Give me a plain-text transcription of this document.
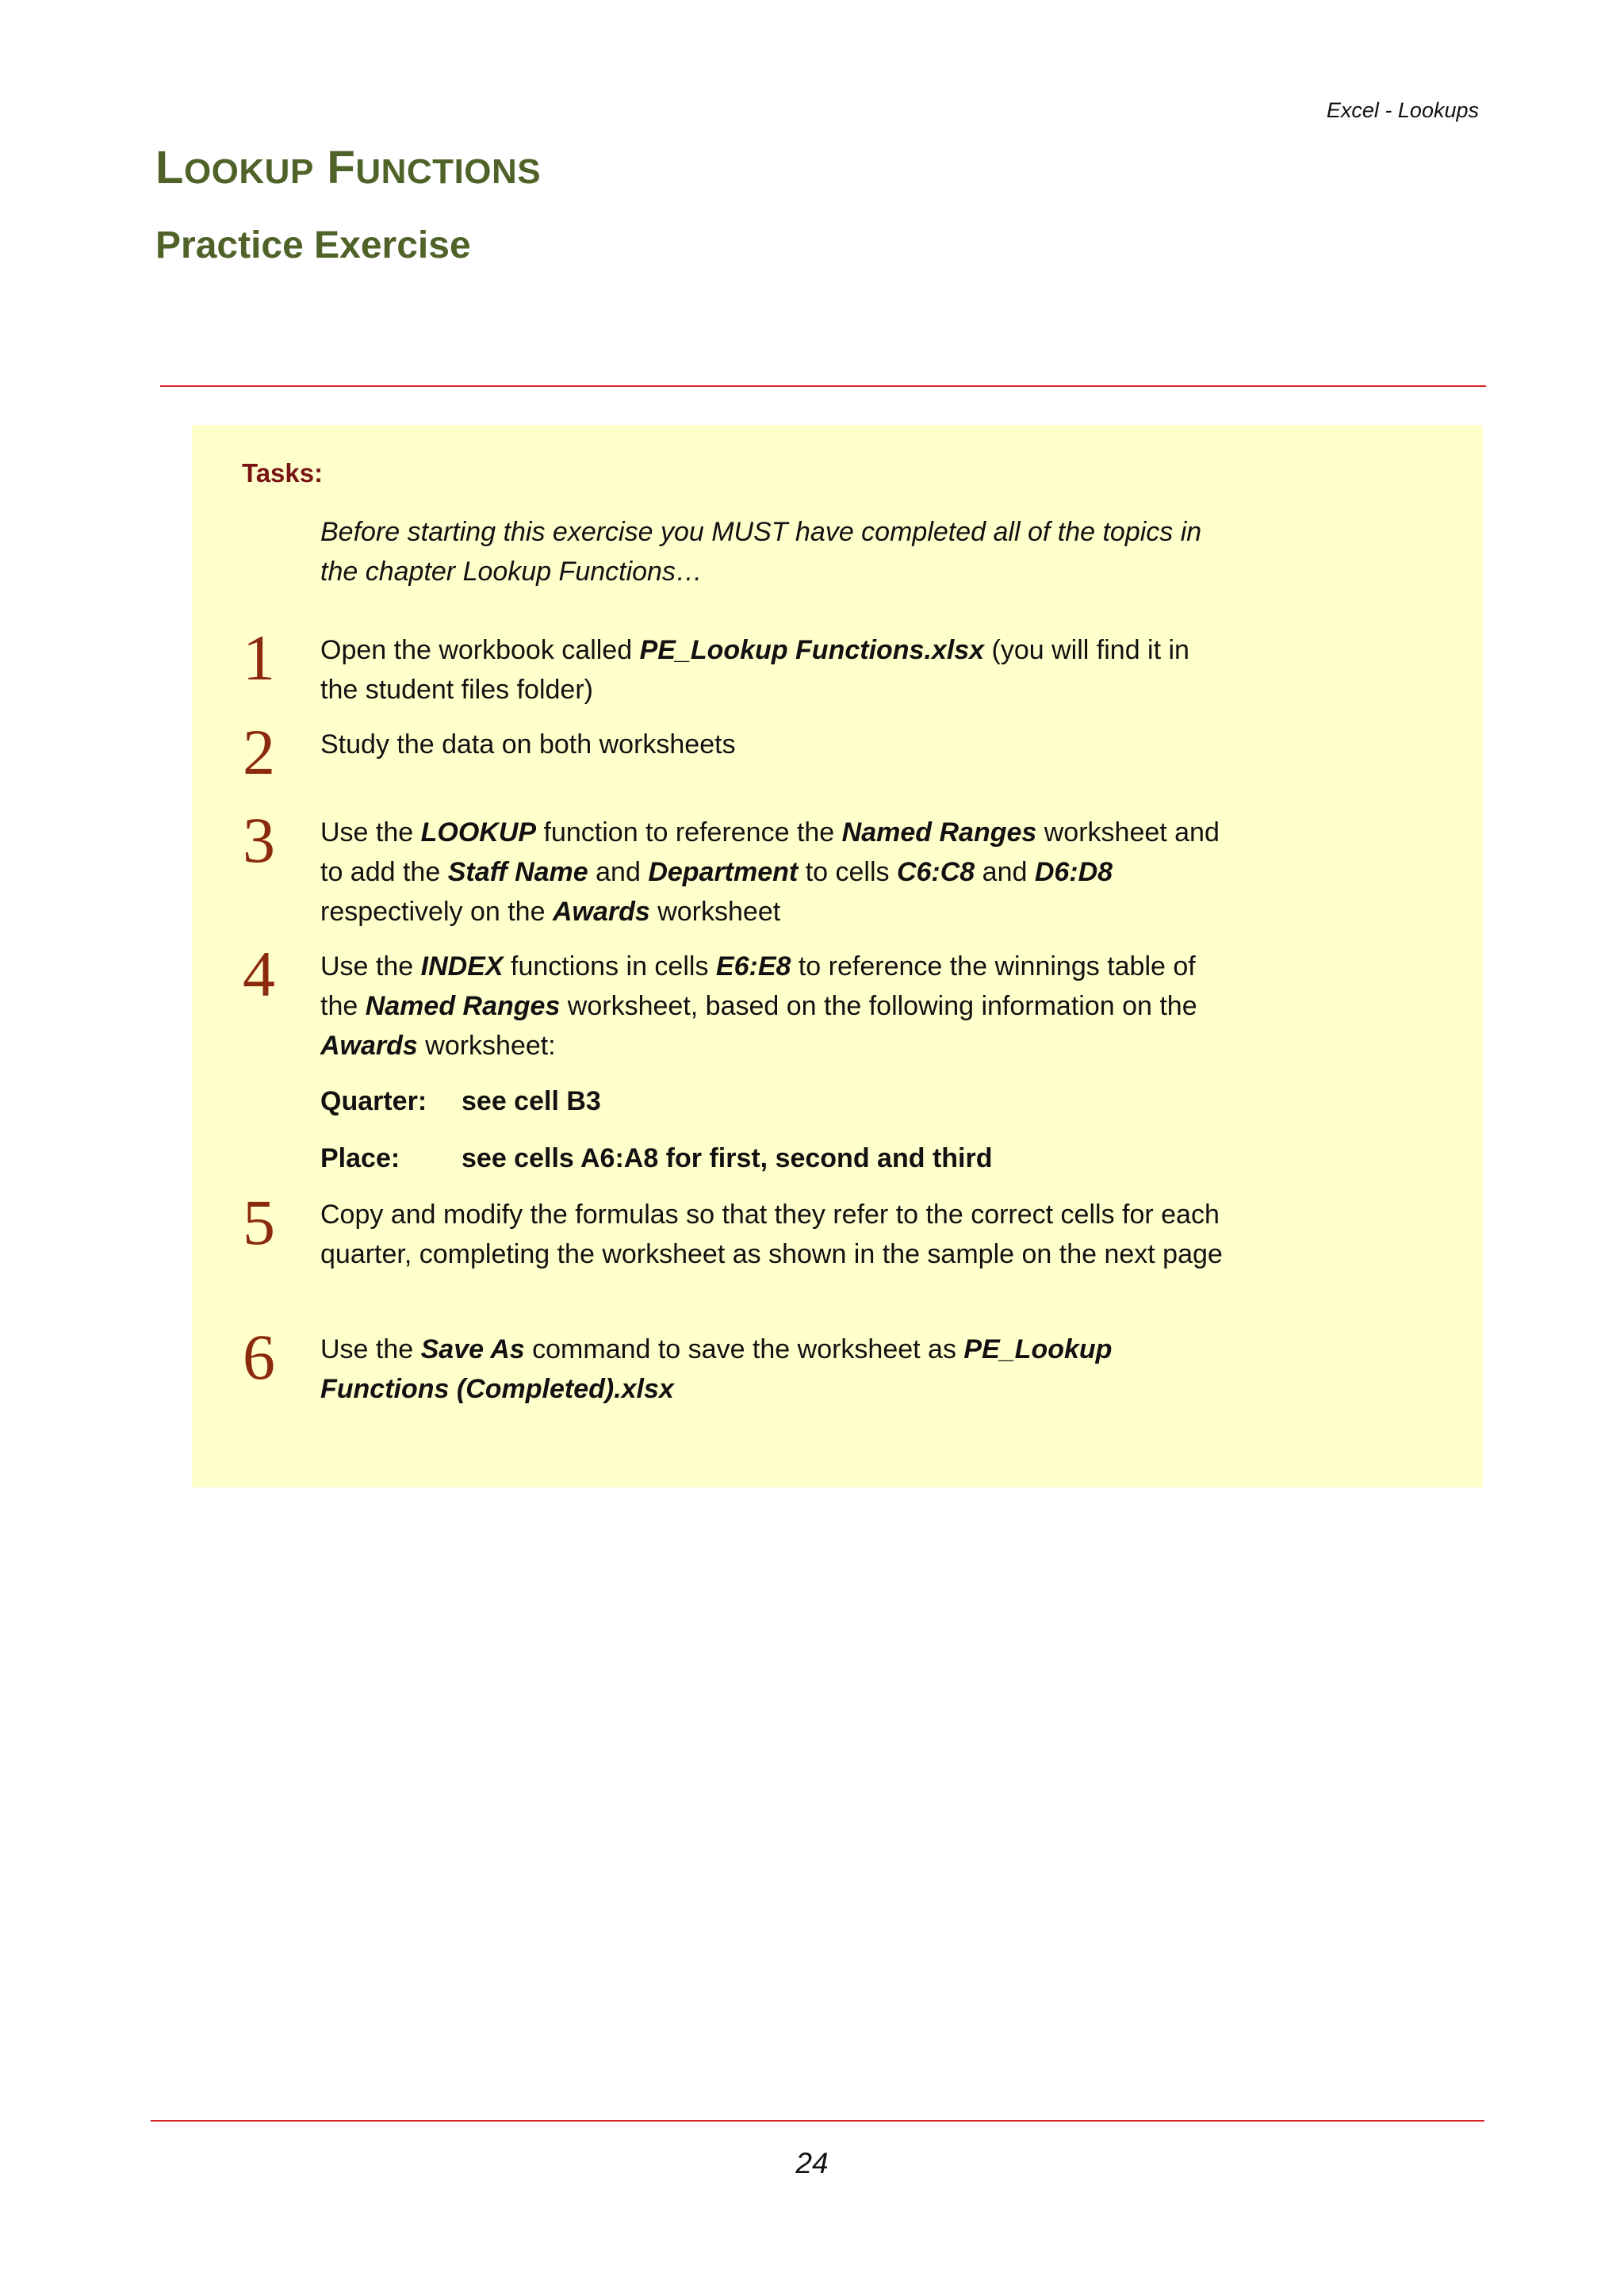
Excel - Lookups
LOOKUP FUNCTIONS
Practice Exercise
Tasks:
Before starting this exercise you MUST have completed all of the topics in the chapter Lookup Functions…
1	Open the workbook called PE_Lookup Functions.xlsx (you will find it in the student files folder)
2	Study the data on both worksheets
3	Use the LOOKUP function to reference the Named Ranges worksheet and to add the Staff Name and Department to cells C6:C8 and D6:D8 respectively on the Awards worksheet
4	Use the INDEX functions in cells E6:E8 to reference the winnings table of the Named Ranges worksheet, based on the following information on the Awards worksheet:
Quarter: see cell B3
Place: see cells A6:A8 for first, second and third
5	Copy and modify the formulas so that they refer to the correct cells for each quarter, completing the worksheet as shown in the sample on the next page
6	Use the Save As command to save the worksheet as PE_Lookup Functions (Completed).xlsx
24
